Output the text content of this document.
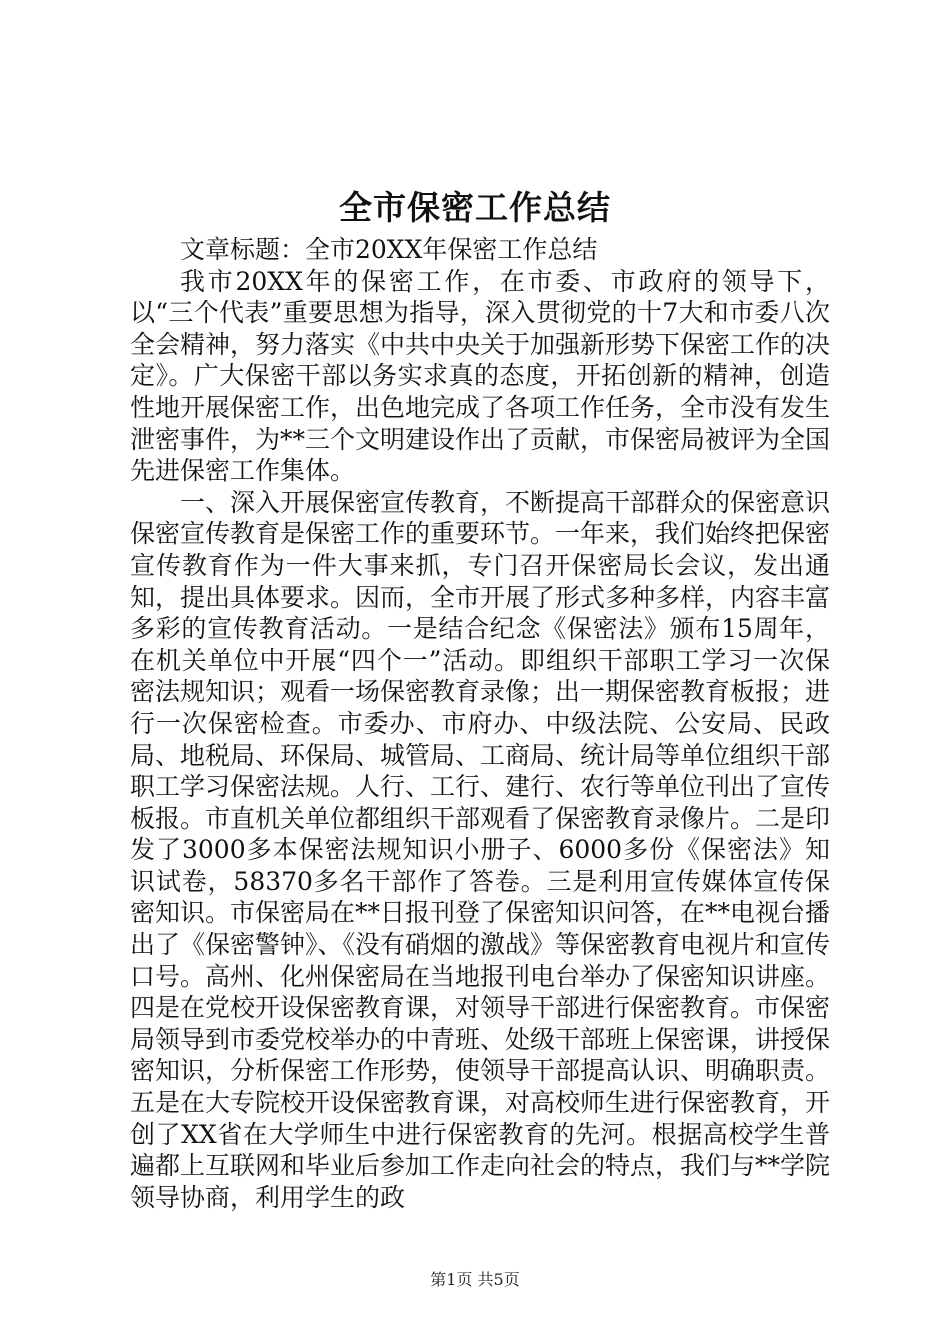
全市保密工作总结

文章标题：全市20XX年保密工作总结

我市20XX年的保密工作，在市委、市政府的领导下，以“三个代表”重要思想为指导，深入贯彻党的十7大和市委八次全会精神，努力落实《中共中央关于加强新形势下保密工作的决定》。广大保密干部以务实求真的态度，开拓创新的精神，创造性地开展保密工作，出色地完成了各项工作任务，全市没有发生泄密事件，为**三个文明建设作出了贡献，市保密局被评为全国先进保密工作集体。

一、深入开展保密宣传教育，不断提高干部群众的保密意识保密宣传教育是保密工作的重要环节。一年来，我们始终把保密宣传教育作为一件大事来抓，专门召开保密局长会议，发出通知，提出具体要求。因而，全市开展了形式多种多样，内容丰富多彩的宣传教育活动。一是结合纪念《保密法》颁布15周年，在机关单位中开展“四个一”活动。即组织干部职工学习一次保密法规知识；观看一场保密教育录像；出一期保密教育板报；进行一次保密检查。市委办、市府办、中级法院、公安局、民政局、地税局、环保局、城管局、工商局、统计局等单位组织干部职工学习保密法规。人行、工行、建行、农行等单位刊出了宣传板报。市直机关单位都组织干部观看了保密教育录像片。二是印发了3000多本保密法规知识小册子、6000多份《保密法》知识试卷，58370多名干部作了答卷。三是利用宣传媒体宣传保密知识。市保密局在**日报刊登了保密知识问答，在**电视台播出了《保密警钟》、《没有硝烟的激战》等保密教育电视片和宣传口号。高州、化州保密局在当地报刊电台举办了保密知识讲座。四是在党校开设保密教育课，对领导干部进行保密教育。市保密局领导到市委党校举办的中青班、处级干部班上保密课，讲授保密知识，分析保密工作形势，使领导干部提高认识、明确职责。五是在大专院校开设保密教育课，对高校师生进行保密教育，开创了XX省在大学师生中进行保密教育的先河。根据高校学生普遍都上互联网和毕业后参加工作走向社会的特点，我们与**学院领导协商，利用学生的政

第1页 共5页
